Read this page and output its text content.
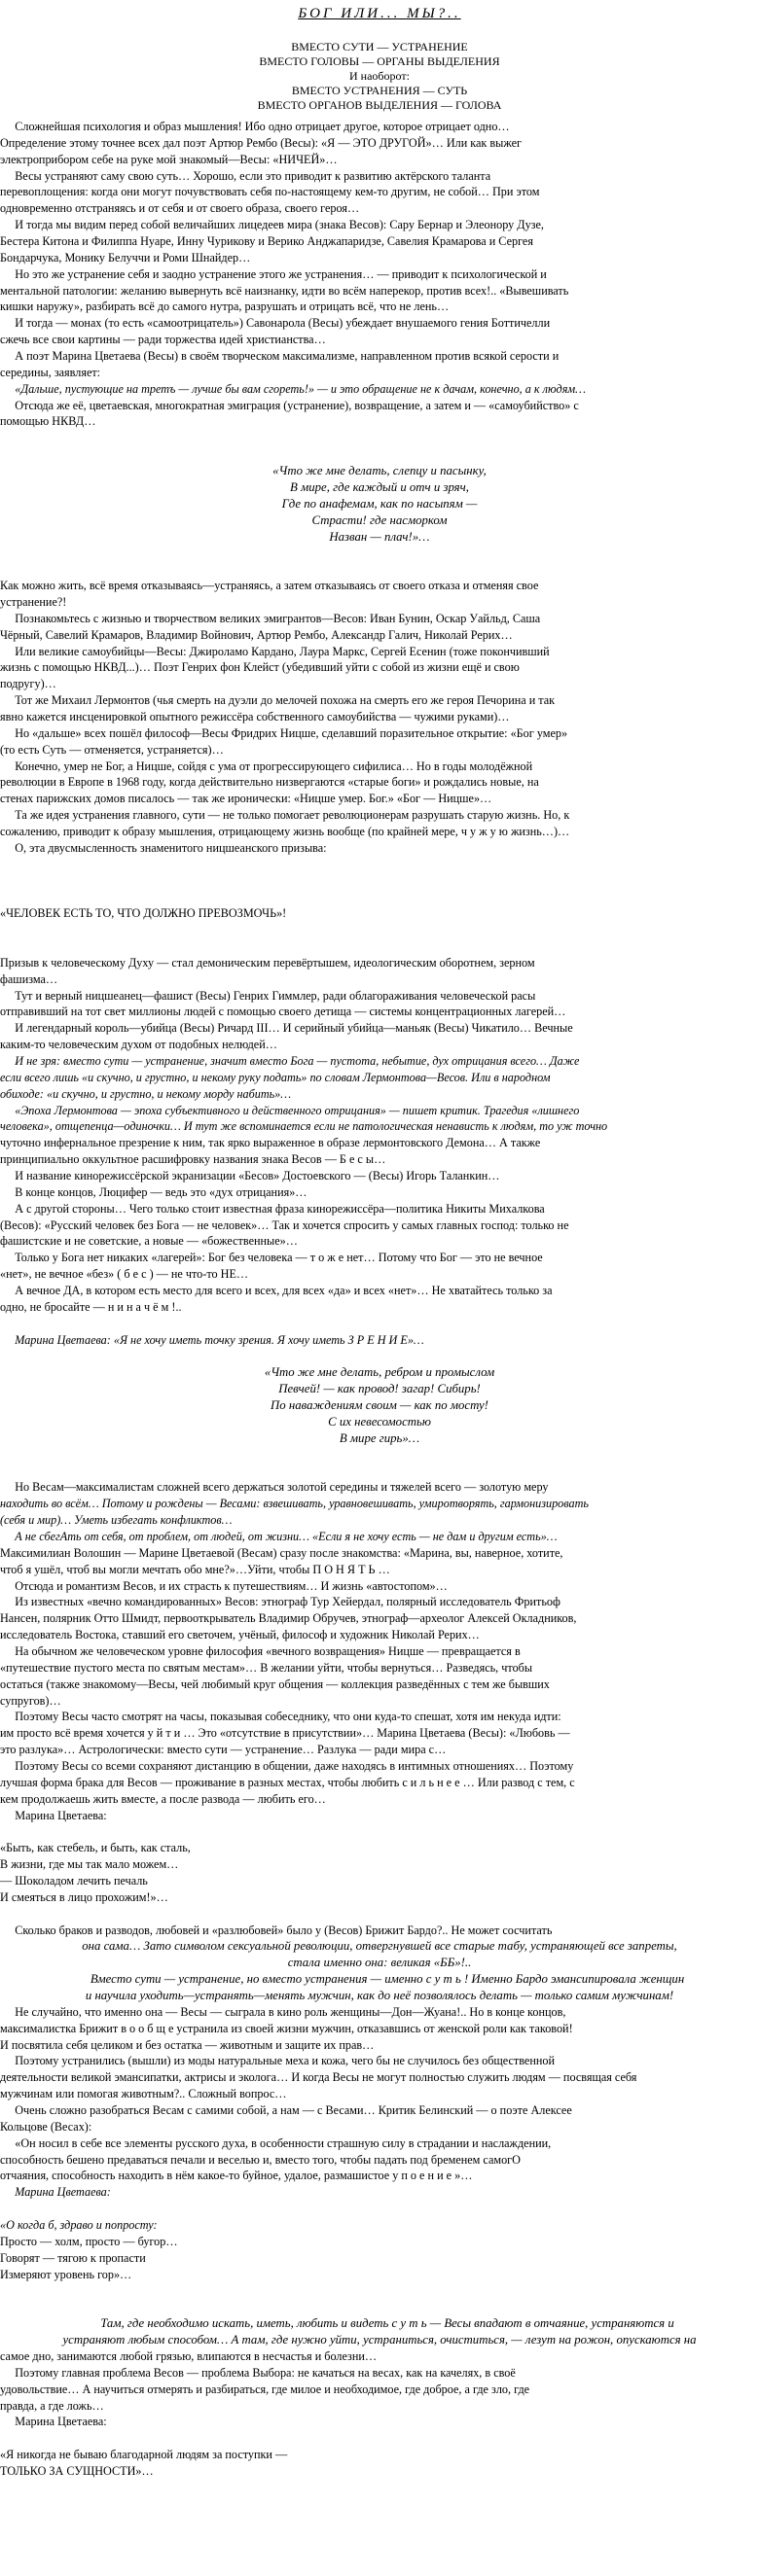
БОГ ИЛИ... МЫ?..
ВМЕСТО СУТИ — УСТРАНЕНИЕ
ВМЕСТО ГОЛОВЫ — ОРГАНЫ ВЫДЕЛЕНИЯ
И наоборот:
ВМЕСТО УСТРАНЕНИЯ — СУТЬ
ВМЕСТО ОРГАНОВ ВЫДЕЛЕНИЯ — ГОЛОВА
Сложнейшая психология и образ мышления! Ибо одно отрицает другое, которое отрицает одно…
Определение этому точнее всех дал поэт Артюр Рембо (Весы): «Я — ЭТО ДРУГОЙ»… Или как выжег
электроприбором себе на руке мой знакомый—Весы: «НИЧЕЙ»…
Весы устраняют саму свою суть… Хорошо, если это приводит к развитию актёрского таланта
перевоплощения: когда они могут почувствовать себя по-настоящему кем-то другим, не собой… При этом
одновременно отстраняясь и от себя и от своего образа, своего героя…
И тогда мы видим перед собой величайших лицедеев мира (знака Весов): Сару Бернар и Элеонору Дузе,
Бестера Китона и Филиппа Нуаре, Инну Чурикову и Верико Анджапаридзе, Савелия Крамарова и Сергея
Бондарчука, Монику Белуччи и Роми Шнайдер…
Но это же устранение себя и заодно устранение этого же устранения… — приводит к психологической и
ментальной патологии: желанию вывернуть всё наизнанку, идти во всём наперекор, против всех!.. «Вывешивать
кишки наружу», разбирать всё до самого нутра, разрушать и отрицать всё, что не лень…
И тогда — монах (то есть «самоотрицатель») Савонарола (Весы) убеждает внушаемого гения Боттичелли
сжечь все свои картины — ради торжества идей христианства…
А поэт Марина Цветаева (Весы) в своём творческом максимализме, направленном против всякой серости и
середины, заявляет:
«Дальше, пустующие на третъ — лучше бы вам сгореть!» — и это обращение не к дачам, конечно, а к людям…
Отсюда же её, цветаевская, многократная эмиграция (устранение), возвращение, а затем и — «самоубийство» с
помощью НКВД…
«Что же мне делать, слепцу и пасынку,
В мире, где каждый и отч и зряч,
Где по анафемам, как по насыпям —
Страсти! где насморком
Назван — плач!»…
Как можно жить, всё время отказываясь—устраняясь, а затем отказываясь от своего отказа и отменяя свое
устранение?!
Познакомьтесь с жизнью и творчеством великих эмигрантов—Весов: Иван Бунин, Оскар Уайльд, Саша
Чёрный, Савелий Крамаров, Владимир Войнович, Артюр Рембо, Александр Галич, Николай Рерих…
Или великие самоубийцы—Весы: Джироламо Кардано, Лаура Маркс, Сергей Есенин (тоже покончивший
жизнь с помощью НКВД...)… Поэт Генрих фон Клейст (убедивший уйти с собой из жизни ещё и свою
подругу)…
Тот же Михаил Лермонтов (чья смерть на дуэли до мелочей похожа на смерть его же героя Печорина и так
явно кажется инсценировкой опытного режиссёра собственного самоубийства — чужими руками)…
Но «дальше» всех пошёл философ—Весы Фридрих Ницше, сделавший поразительное открытие: «Бог умер»
(то есть Суть — отменяется, устраняется)…
Конечно, умер не Бог, а Ницше, сойдя с ума от прогрессирующего сифилиса… Но в годы молодёжной
революции в Европе в 1968 году, когда действительно низвергаются «старые боги» и рождались новые, на
стенах парижских домов писалось — так же иронически: «Ницше умер. Бог.» «Бог — Ницше»…
Та же идея устранения главного, сути — не только помогает революционерам разрушать старую жизнь. Но, к
сожалению, приводит к образу мышления, отрицающему жизнь вообще (по крайней мере, ч у ж у ю жизнь…)…
О, эта двусмысленность знаменитого ницшеанского призыва:
«ЧЕЛОВЕК ЕСТЬ ТО, ЧТО ДОЛЖНО ПРЕВОЗМОЧЬ»!
Призыв к человеческому Духу — стал демоническим перевёртышем, идеологическим оборотнем, зерном
фашизма…
Тут и верный ницшеанец—фашист (Весы) Генрих Гиммлер, ради облагораживания человеческой расы
отправивший на тот свет миллионы людей с помощью своего детища — системы концентрационных лагерей…
И легендарный король—убийца (Весы) Ричард III… И серийный убийца—маньяк (Весы) Чикатило… Вечные
каким-то человеческим духом от подобных нелюдей…
И не зря: вместо сути — устранение, значит вместо Бога — пустота, небытие, дух отрицания всего… Даже
если всего лишь «и скучно, и грустно, и некому руку подать» по словам Лермонтова—Весов. Или в народном
обиходе: «и скучно, и грустно, и некому морду набить»…
«Эпоха Лермонтова — эпоха субъективного и действенного отрицания» — пишет критик. Трагедия «лишнего
человека», отщепенца—одиночки… И тут же вспоминается если не патологическая ненависть к людям, то уж точно
чуточно инфернальное презрение к ним, так ярко выраженное в образе лермонтовского Демона… А также
принципиально оккультное расшифровку названия знака Весов — Б е с ы…
И название кинорежиссёрской экранизации «Бесов» Достоевского — (Весы) Игорь Таланкин…
В конце концов, Люцифер — ведь это «дух отрицания»…
А с другой стороны… Чего только стоит известная фраза кинорежиссёра—политика Никиты Михалкова
(Весов): «Русский человек без Бога — не человек»… Так и хочется спросить у самых главных господ: только не
фашистские и не советские, а новые — «божественные»…
Только у Бога нет никаких «лагерей»: Бог без человека — т о ж е нет… Потому что Бог — это не вечное
«нет», не вечное «без» ( б е с ) — не что-то НЕ…
А вечное ДА, в котором есть место для всего и всех, для всех «да» и всех «нет»… Не хватайтесь только за
одно, не бросайте — н и н а ч ё м !..
Марина Цветаева: «Я не хочу иметь точку зрения. Я хочу иметь З Р Е Н И Е»…
«Что же мне делать, ребром и промыслом
Певчей! — как провод! загар! Сибирь!
По наваждениям своим — как по мосту!
С их невесомостью
В мире гирь»…
Но Весам—максималистам сложней всего держаться золотой середины и тяжелей всего — золотую меру
находить во всём… Потому и рождены — Весами: взвешивать, уравновешивать, умиротворять, гармонизировать
(себя и мир)… Уметь избегать конфликтов…
А не сбегАть от себя, от проблем, от людей, от жизни… «Если я не хочу есть — не дам и другим есть»…
Максимилиан Волошин — Марине Цветаевой (Весам) сразу после знакомства: «Марина, вы, наверное, хотите,
чтоб я ушёл, чтоб вы могли мечтать обо мне?»…Уйти, чтобы П О Н Я Т Ь …
Отсюда и романтизм Весов, и их страсть к путешествиям… И жизнь «автостопом»…
Из известных «вечно командированных» Весов: этнограф Тур Хейердал, полярный исследователь Фритьоф
Нансен, полярник Отто Шмидт, первооткрыватель Владимир Обручев, этнограф—археолог Алексей Окладников,
исследователь Востока, ставший его светочем, учёный, философ и художник Николай Рерих…
На обычном же человеческом уровне философия «вечного возвращения» Ницше — превращается в
«путешествие пустого места по святым местам»… В желании уйти, чтобы вернуться… Разведясь, чтобы
остаться (также знакомому—Весы, чей любимый круг общения — коллекция разведённых с тем же бывших
супругов)…
Поэтому Весы часто смотрят на часы, показывая собеседнику, что они куда-то спешат, хотя им некуда идти:
им просто всё время хочется у й т и … Это «отсутствие в присутствии»… Марина Цветаева (Весы): «Любовь —
это разлука»… Астрологически: вместо сути — устранение… Разлука — ради мира с…
Поэтому Весы со всеми сохраняют дистанцию в общении, даже находясь в интимных отношениях… Поэтому
лучшая форма брака для Весов — проживание в разных местах, чтобы любить с и л ь н е е … Или развод с тем, с
кем продолжаешь жить вместе, а после развода — любить его…
Марина Цветаева:
«Быть, как стебель, и быть, как сталь,
В жизни, где мы так мало можем…
— Шоколадом лечить печаль
И смеяться в лицо прохожим!»…
Сколько браков и разводов, любовей и «разлюбовей» было у (Весов) Брижит Бардо?.. Не может сосчитать
она сама… Зато символом сексуальной революции, отвергнувшей все старые табу, устраняющей все запреты,
стала именно она: великая «ББ»!..
Вместо сути — устранение, но вместо устранения — именно с у т ь ! Именно Бардо эмансипировала женщин
и научила уходить—устранять—менять мужчин, как до неё позволялось делать — только самим мужчинам!
Не случайно, что именно она — Весы — сыграла в кино роль женщины—Дон—Жуана!.. Но в конце концов,
максималистка Брижит в о о б щ е устранила из своей жизни мужчин, отказавшись от женской роли как таковой!
И посвятила себя целиком и без остатка — животным и защите их прав…
Поэтому устранились (вышли) из моды натуральные меха и кожа, чего бы не случилось без общественной
деятельности великой эмансипатки, актрисы и эколога… И когда Весы не могут полностью служить людям — посвящая себя
мужчинам или помогая животным?.. Сложный вопрос…
Очень сложно разобраться Весам с самими собой, а нам — с Весами… Критик Белинский — о поэте Алексее
Кольцове (Весах):
«Он носил в себе все элементы русского духа, в особенности страшную силу в страдании и наслаждении,
способность бешено предаваться печали и веселью и, вместо того, чтобы падать под бременем самогО
отчаяния, способность находить в нём какое-то буйное, удалое, размашистое у п о е н и е »…
Марина Цветаева:
«О когда б, здраво и попросту:
Просто — холм, просто — бугор…
Говорят — тягою к пропасти
Измеряют уровень гор»…
Там, где необходимо искать, иметь, любить и видеть с у т ь — Весы впадают в отчаяние, устраняются и
устраняют любым способом… А там, где нужно уйти, устраниться, очиститься, — лезут на рожон, опускаются на
самое дно, занимаются любой грязью, влипаются в несчастья и болезни…
Поэтому главная проблема Весов — проблема Выбора: не качаться на весах, как на качелях, в своё
удовольствие… А научиться отмерять и разбираться, где милое и необходимое, где доброе, а где зло, где
правда, а где ложь…
Марина Цветаева:
«Я никогда не бываю благодарной людям за поступки —
ТОЛЬКО ЗА СУЩНОСТИ»…
